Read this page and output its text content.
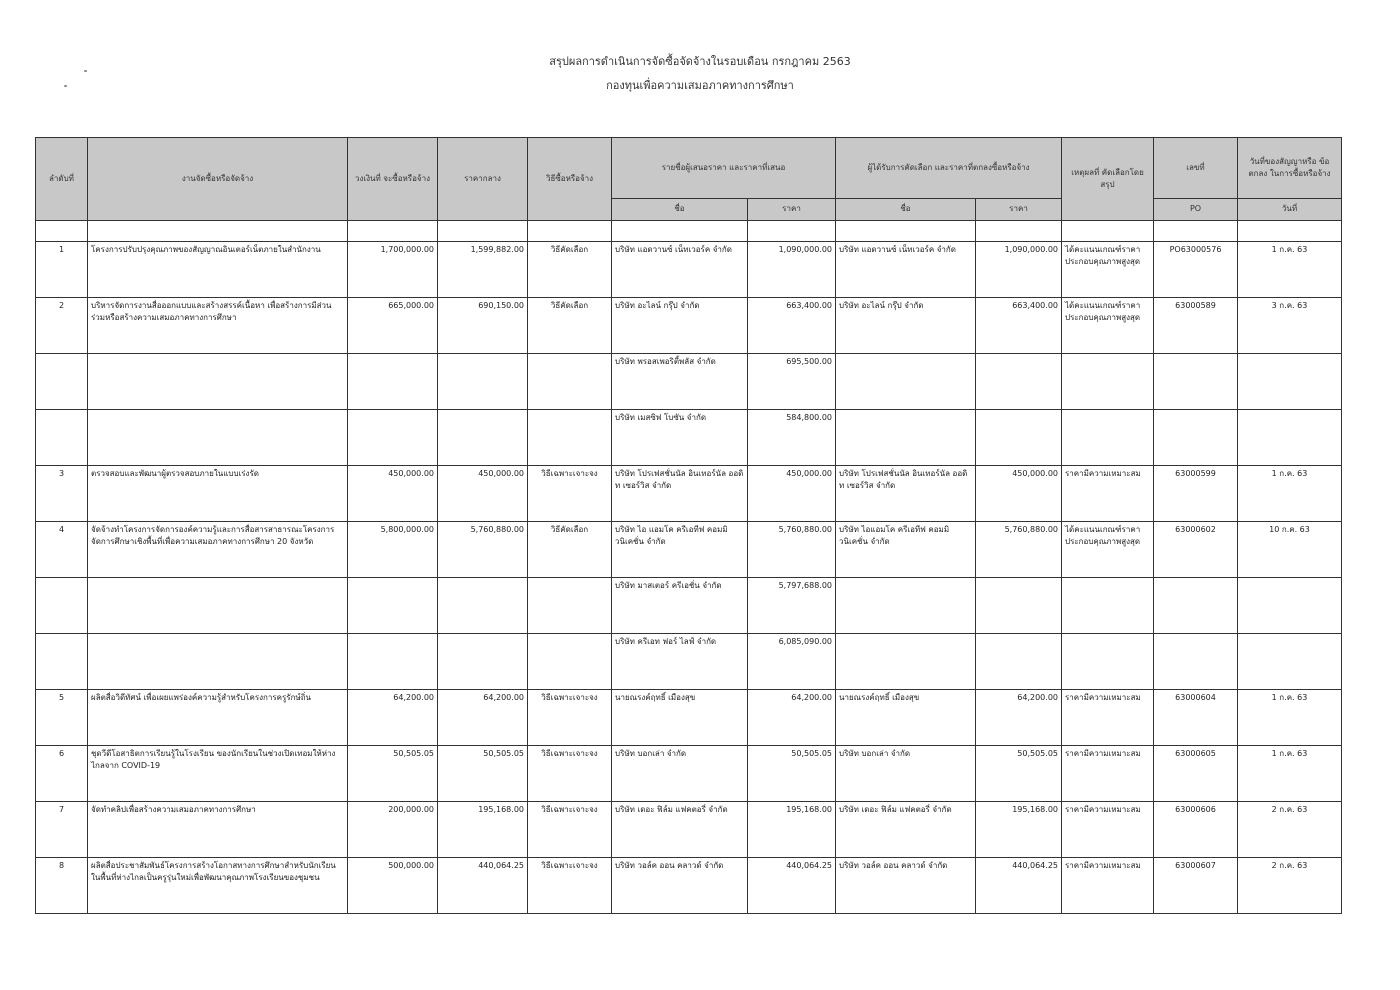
สรุปผลการดำเนินการจัดซื้อจัดจ้างในรอบเดือน กรกฎาคม 2563
กองทุนเพื่อความเสมอภาคทางการศึกษา
ลำดับที่	งานจัดซื้อหรือจัดจ้าง	วงเงินที่ จะซื้อหรือจ้าง	ราคากลาง	วิธีซื้อหรือจ้าง	รายชื่อผู้เสนอราคา และราคาที่เสนอ		ผู้ได้รับการคัดเลือก และราคาที่ตกลงซื้อหรือจ้าง		เหตุผลที่ คัดเลือกโดยสรุป	เลขที่	วันที่ของสัญญาหรือ ข้อตกลง ในการซื้อหรือจ้าง
					ชื่อ	ราคา	ชื่อ	ราคา		PO	วันที่

1	โครงการปรับปรุงคุณภาพของสัญญาณอินเตอร์เน็ตภายในสำนักงาน	1,700,000.00	1,599,882.00	วิธีคัดเลือก	บริษัท แอดวานซ์ เน็ทเวอร์ค จำกัด	1,090,000.00	บริษัท แอดวานซ์ เน็ทเวอร์ค จำกัด	1,090,000.00	ได้คะแนนเกณฑ์ราคาประกอบคุณภาพสูงสุด	PO63000576	1 ก.ค. 63
2	บริหารจัดการงานสื่อออกแบบและสร้างสรรค์เนื้อหา เพื่อสร้างการมีส่วนร่วมหรือสร้างความเสมอภาคทางการศึกษา	665,000.00	690,150.00	วิธีคัดเลือก	บริษัท อะไลน์ กรุ๊ป จำกัด	663,400.00	บริษัท อะไลน์ กรุ๊ป จำกัด	663,400.00	ได้คะแนนเกณฑ์ราคาประกอบคุณภาพสูงสุด	63000589	3 ก.ค. 63
					บริษัท พรอสเพอริตี้พลัส จำกัด	695,500.00					
					บริษัท เมสซิฟ โบซัน จำกัด	584,800.00					
3	ตรวจสอบและพัฒนาผู้ตรวจสอบภายในแบบเร่งรัด	450,000.00	450,000.00	วิธีเฉพาะเจาะจง	บริษัท โปรเฟสชั่นนัล อินเทอร์นัล ออดิท เซอร์วิส จำกัด	450,000.00	บริษัท โปรเฟสชั่นนัล อินเทอร์นัล ออดิท เซอร์วิส จำกัด	450,000.00	ราคามีความเหมาะสม	63000599	1 ก.ค. 63
4	จัดจ้างทำโครงการจัดการองค์ความรู้และการสื่อสารสาธารณะโครงการจัดการศึกษาเชิงพื้นที่เพื่อความเสมอภาคทางการศึกษา 20 จังหวัด	5,800,000.00	5,760,880.00	วิธีคัดเลือก	บริษัท ไอ แอมโค ครีเอทีฟ คอมมิวนิเคชั่น จำกัด	5,760,880.00	บริษัท ไอแอมโค ครีเอทีฟ คอมมิวนิเคชั่น จำกัด	5,760,880.00	ได้คะแนนเกณฑ์ราคาประกอบคุณภาพสูงสุด	63000602	10 ก.ค. 63
					บริษัท มาสเตอร์ ครีเอชั่น จำกัด	5,797,688.00					
					บริษัท ครีเอท ฟอร์ ไลฟ์ จำกัด	6,085,090.00					
5	ผลิตสื่อวิดีทัศน์ เพื่อเผยแพร่องค์ความรู้สำหรับโครงการครูรักษ์ถิ่น	64,200.00	64,200.00	วิธีเฉพาะเจาะจง	นายณรงค์ฤทธิ์ เมืองสุข	64,200.00	นายณรงค์ฤทธิ์ เมืองสุข	64,200.00	ราคามีความเหมาะสม	63000604	1 ก.ค. 63
6	ชุดวีดีโอสาธิตการเรียนรู้ในโรงเรียน ของนักเรียนในช่วงเปิดเทอมให้ห่างไกลจาก COVID-19	50,505.05	50,505.05	วิธีเฉพาะเจาะจง	บริษัท บอกเล่า จำกัด	50,505.05	บริษัท บอกเล่า จำกัด	50,505.05	ราคามีความเหมาะสม	63000605	1 ก.ค. 63
7	จัดทำคลิปเพื่อสร้างความเสมอภาคทางการศึกษา	200,000.00	195,168.00	วิธีเฉพาะเจาะจง	บริษัท เดอะ ฟิล์ม แฟคตอรี่ จำกัด	195,168.00	บริษัท เดอะ ฟิล์ม แฟคตอรี่ จำกัด	195,168.00	ราคามีความเหมาะสม	63000606	2 ก.ค. 63
8	ผลิตสื่อประชาสัมพันธ์โครงการสร้างโอกาสทางการศึกษาสำหรับนักเรียนในพื้นที่ห่างไกลเป็นครูรุ่นใหม่เพื่อพัฒนาคุณภาพโรงเรียนของชุมชน	500,000.00	440,064.25	วิธีเฉพาะเจาะจง	บริษัท วอล์ค ออน คลาวด์ จำกัด	440,064.25	บริษัท วอล์ค ออน คลาวด์ จำกัด	440,064.25	ราคามีความเหมาะสม	63000607	2 ก.ค. 63
